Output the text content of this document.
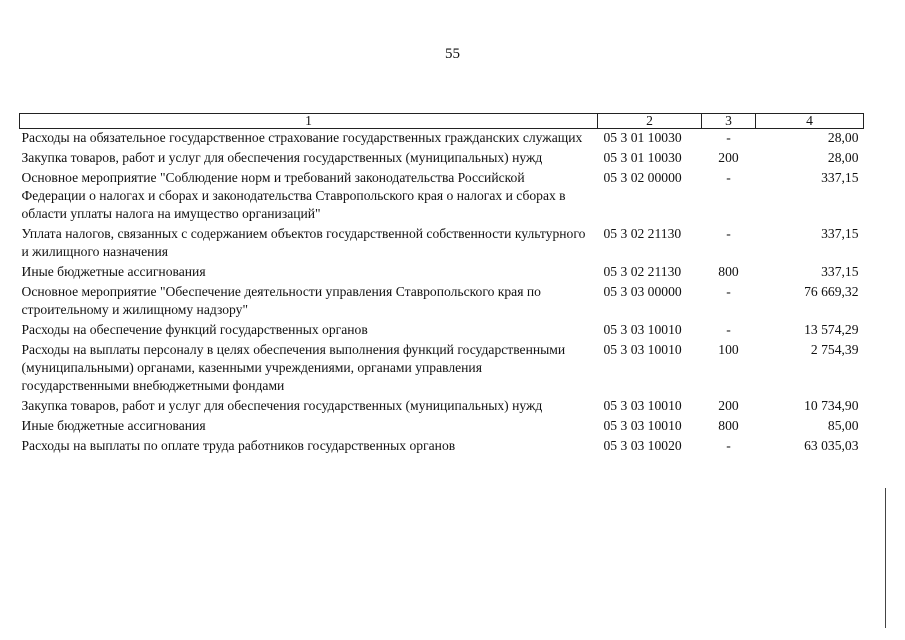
55
1	2	3	4
Расходы на обязательное государственное страхование государственных гражданских служащих	05 3 01 10030	-	28,00
Закупка товаров, работ и услуг для обеспечения государственных (муниципальных) нужд	05 3 01 10030	200	28,00
Основное мероприятие "Соблюдение норм и требований законодательства Российской Федерации о налогах и сборах и законодательства Ставропольского края о налогах и сборах в области уплаты налога на имущество организаций"	05 3 02 00000	-	337,15
Уплата налогов, связанных с содержанием объектов государственной собственности культурного и жилищного назначения	05 3 02 21130	-	337,15
Иные бюджетные ассигнования	05 3 02 21130	800	337,15
Основное мероприятие "Обеспечение деятельности управления Ставропольского края по строительному и жилищному надзору"	05 3 03 00000	-	76 669,32
Расходы на обеспечение функций государственных органов	05 3 03 10010	-	13 574,29
Расходы на выплаты персоналу в целях обеспечения выполнения функций государственными (муниципальными) органами, казенными учреждениями, органами управления государственными внебюджетными фондами	05 3 03 10010	100	2 754,39
Закупка товаров, работ и услуг для обеспечения государственных (муниципальных) нужд	05 3 03 10010	200	10 734,90
Иные бюджетные ассигнования	05 3 03 10010	800	85,00
Расходы на выплаты по оплате труда работников государственных органов	05 3 03 10020	-	63 035,03
